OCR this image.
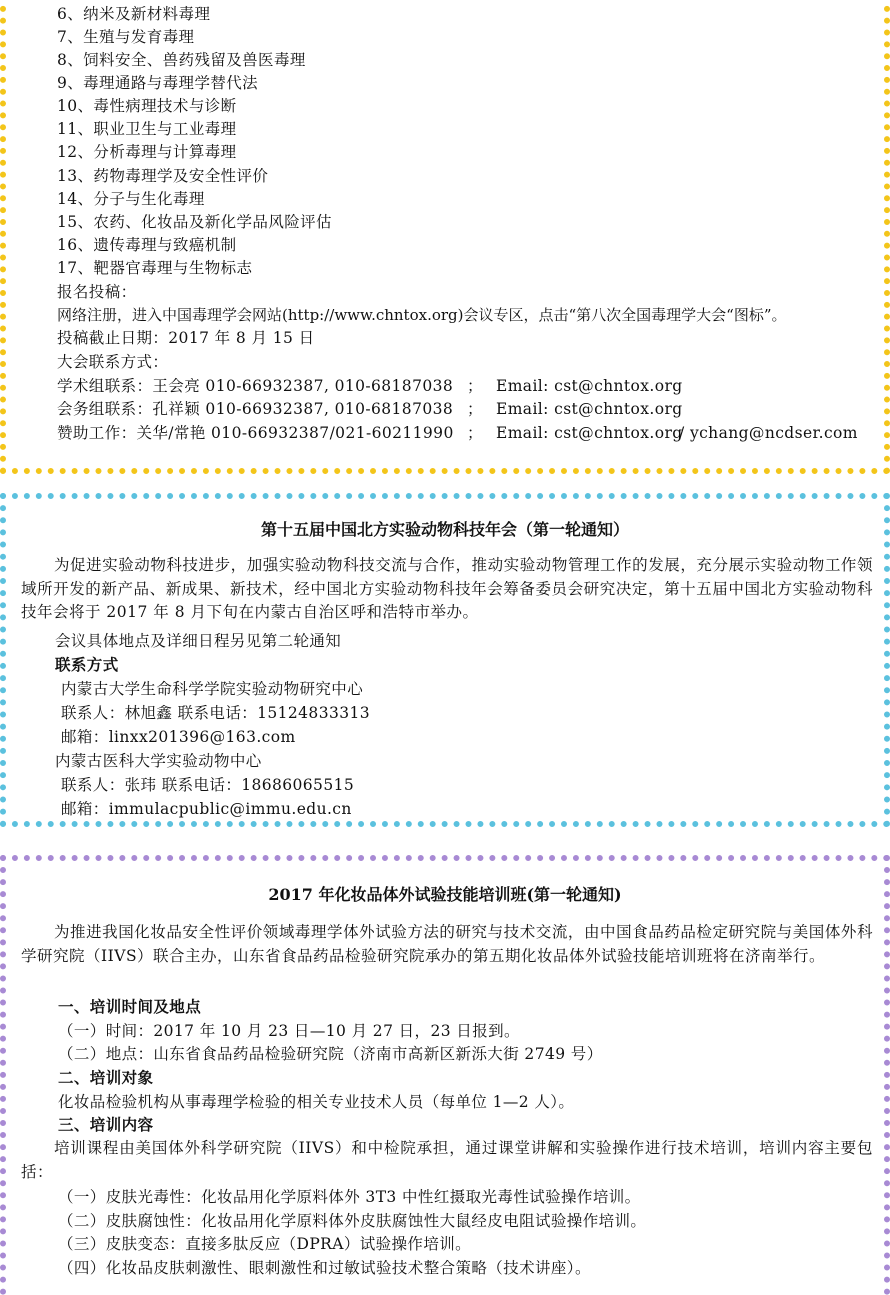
6、纳米及新材料毒理
7、生殖与发育毒理
8、饲料安全、兽药残留及兽医毒理
9、毒理通路与毒理学替代法
10、毒性病理技术与诊断
11、职业卫生与工业毒理
12、分析毒理与计算毒理
13、药物毒理学及安全性评价
14、分子与生化毒理
15、农药、化妆品及新化学品风险评估
16、遗传毒理与致癌机制
17、靶器官毒理与生物标志
报名投稿：
网络注册，进入中国毒理学会网站(http://www.chntox.org)会议专区，点击“第八次全国毒理学大会“图标”。
投稿截止日期：2017 年 8 月 15 日
大会联系方式：
学术组联系：王会亮 010-66932387, 010-68187038 ； Email: cst@chntox.org
会务组联系：孔祥颖 010-66932387, 010-68187038 ； Email: cst@chntox.org
赞助工作：关华/常艳 010-66932387/021-60211990 ； Email: cst@chntox.org/ ychang@ncdser.com
第十五届中国北方实验动物科技年会（第一轮通知）
为促进实验动物科技进步，加强实验动物科技交流与合作，推动实验动物管理工作的发展，充分展示实验动物工作领域所开发的新产品、新成果、新技术，经中国北方实验动物科技年会筹备委员会研究决定，第十五届中国北方实验动物科技年会将于 2017 年 8 月下旬在内蒙古自治区呼和浩特市举办。
会议具体地点及详细日程另见第二轮通知
联系方式
内蒙古大学生命科学学院实验动物研究中心
联系人：林旭鑫 联系电话：15124833313
邮箱：linxx201396@163.com
内蒙古医科大学实验动物中心
联系人：张玮 联系电话：18686065515
邮箱：immulacpublic@immu.edu.cn
2017 年化妆品体外试验技能培训班(第一轮通知)
为推进我国化妆品安全性评价领域毒理学体外试验方法的研究与技术交流，由中国食品药品检定研究院与美国体外科学研究院（IIVS）联合主办，山东省食品药品检验研究院承办的第五期化妆品体外试验技能培训班将在济南举行。
一、培训时间及地点
（一）时间：2017 年 10 月 23 日—10 月 27 日，23 日报到。
（二）地点：山东省食品药品检验研究院（济南市高新区新泺大街 2749 号）
二、培训对象
化妆品检验机构从事毒理学检验的相关专业技术人员（每单位 1—2 人）。
三、培训内容
培训课程由美国体外科学研究院（IIVS）和中检院承担，通过课堂讲解和实验操作进行技术培训，培训内容主要包括：
（一）皮肤光毒性：化妆品用化学原料体外 3T3 中性红摄取光毒性试验操作培训。
（二）皮肤腐蚀性：化妆品用化学原料体外皮肤腐蚀性大鼠经皮电阻试验操作培训。
（三）皮肤变态：直接多肽反应（DPRA）试验操作培训。
（四）化妆品皮肤刺激性、眼刺激性和过敏试验技术整合策略（技术讲座）。
